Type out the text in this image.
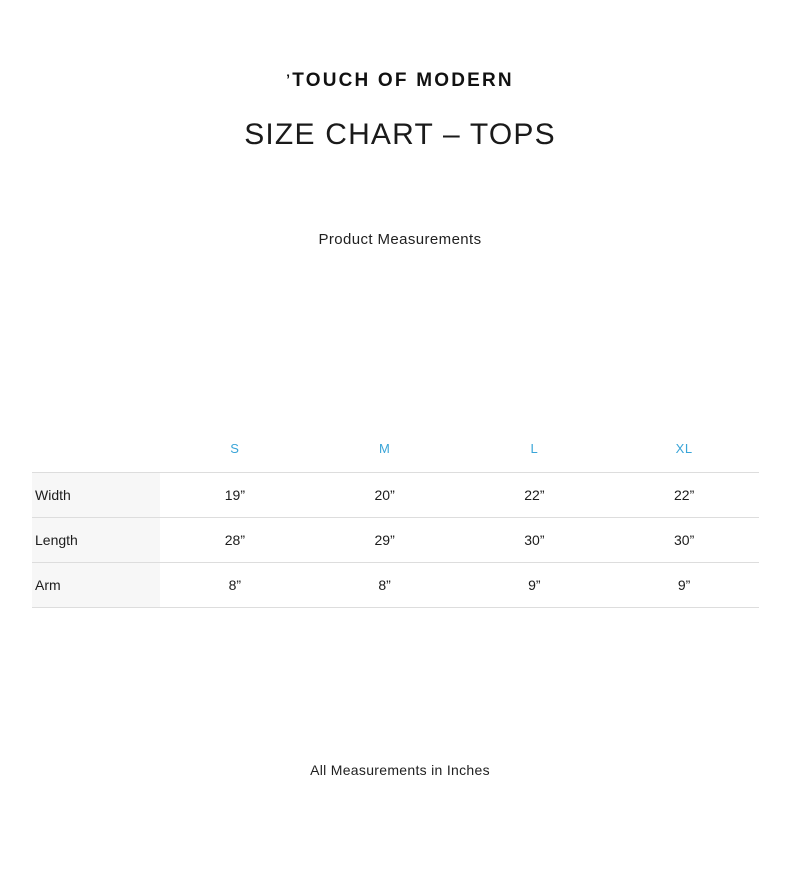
’TOUCH OF MODERN
SIZE CHART – TOPS
Product Measurements
	S	M	L	XL
Width	19”	20”	22”	22”
Length	28”	29”	30”	30”
Arm	8”	8”	9”	9”
All Measurements in Inches
